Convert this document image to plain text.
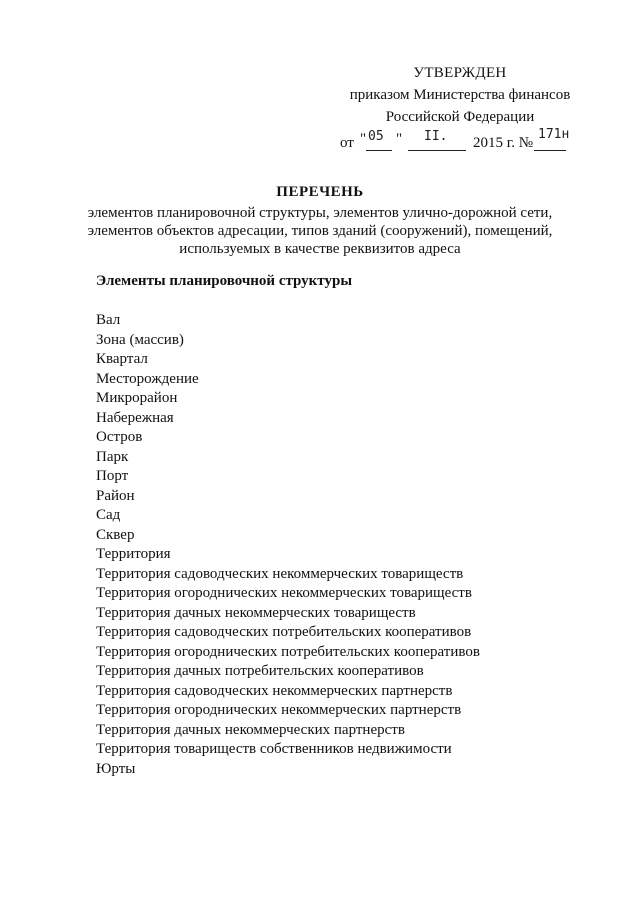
УТВЕРЖДЕН
приказом Министерства финансов
Российской Федерации
от " 05 " II. 2015 г. №
171н
ПЕРЕЧЕНЬ
элементов планировочной структуры, элементов улично-дорожной сети,
элементов объектов адресации, типов зданий (сооружений), помещений,
используемых в качестве реквизитов адреса
Элементы планировочной структуры
Вал
Зона (массив)
Квартал
Месторождение
Микрорайон
Набережная
Остров
Парк
Порт
Район
Сад
Сквер
Территория
Территория садоводческих некоммерческих товариществ
Территория огороднических некоммерческих товариществ
Территория дачных некоммерческих товариществ
Территория садоводческих потребительских кооперативов
Территория огороднических потребительских кооперативов
Территория дачных потребительских кооперативов
Территория садоводческих некоммерческих партнерств
Территория огороднических некоммерческих партнерств
Территория дачных некоммерческих партнерств
Территория товариществ собственников недвижимости
Юрты
